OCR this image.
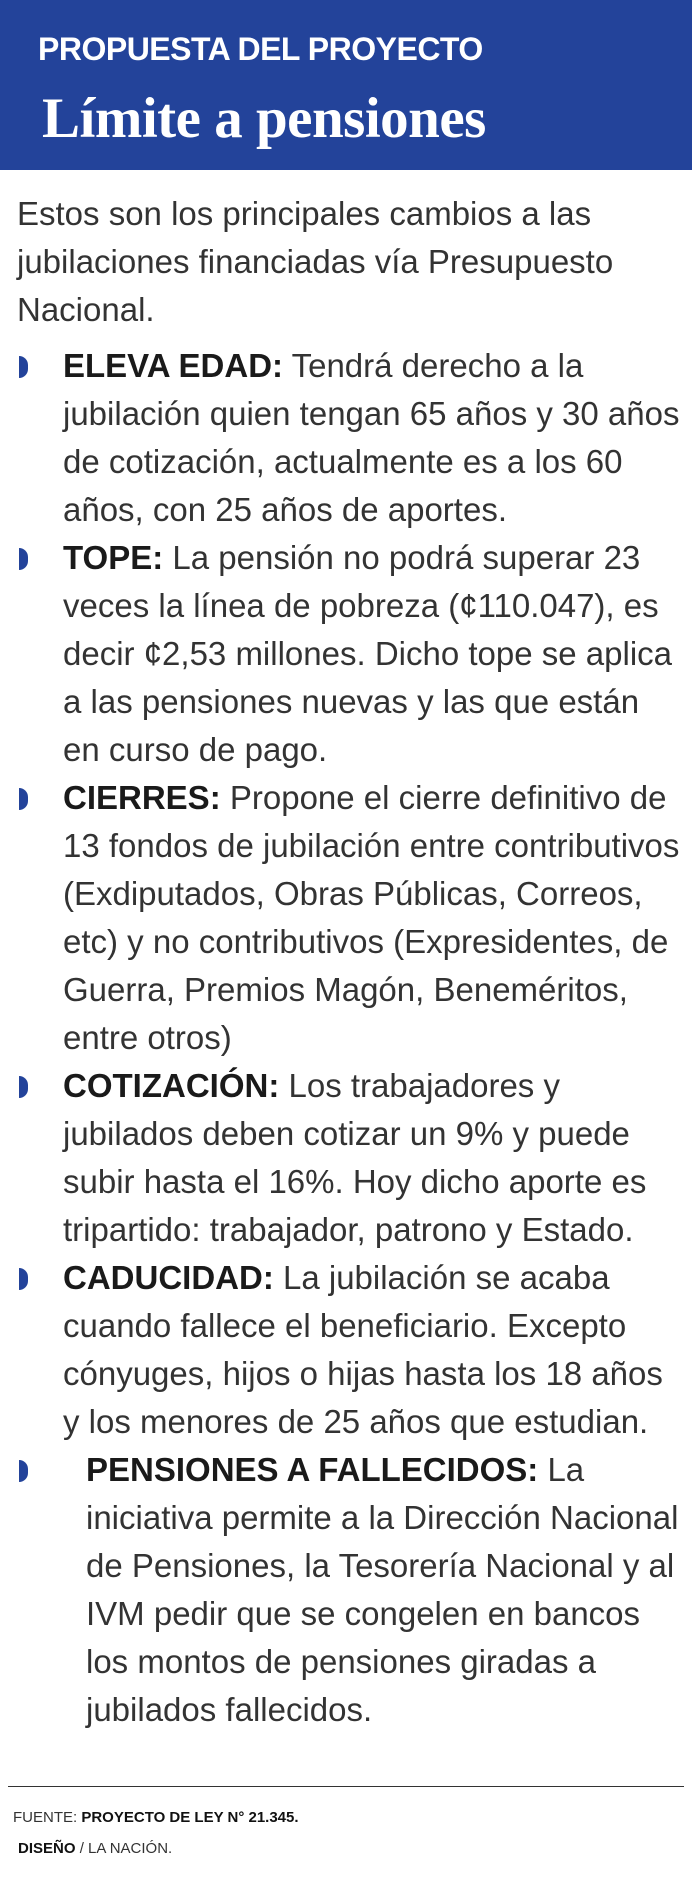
PROPUESTA DEL PROYECTO
Límite a pensiones

Estos son los principales cambios a las jubilaciones financiadas vía Presupuesto Nacional.

ELEVA EDAD: Tendrá derecho a la jubilación quien tengan 65 años y 30 años de cotización, actualmente es a los 60 años, con 25 años de aportes.
TOPE: La pensión no podrá superar 23 veces la línea de pobreza (¢110.047), es decir ¢2,53 millones. Dicho tope se aplica a las pensiones nuevas y las que están en curso de pago.
CIERRES: Propone el cierre definitivo de 13 fondos de jubilación entre contributivos (Exdiputados, Obras Públicas, Correos, etc) y no contributivos (Expresidentes, de Guerra, Premios Magón, Beneméritos, entre otros)
COTIZACIÓN: Los trabajadores y jubilados deben cotizar un 9% y puede subir hasta el 16%. Hoy dicho aporte es tripartido: trabajador, patrono y Estado.
CADUCIDAD: La jubilación se acaba cuando fallece el beneficiario. Excepto cónyuges, hijos o hijas hasta los 18 años y los menores de 25 años que estudian.
PENSIONES A FALLECIDOS: La iniciativa permite a la Dirección Nacional de Pensiones, la Tesorería Nacional y al IVM pedir que se congelen en bancos los montos de pensiones giradas a jubilados fallecidos.
FUENTE: PROYECTO DE LEY N° 21.345.
DISEÑO / LA NACIÓN.
